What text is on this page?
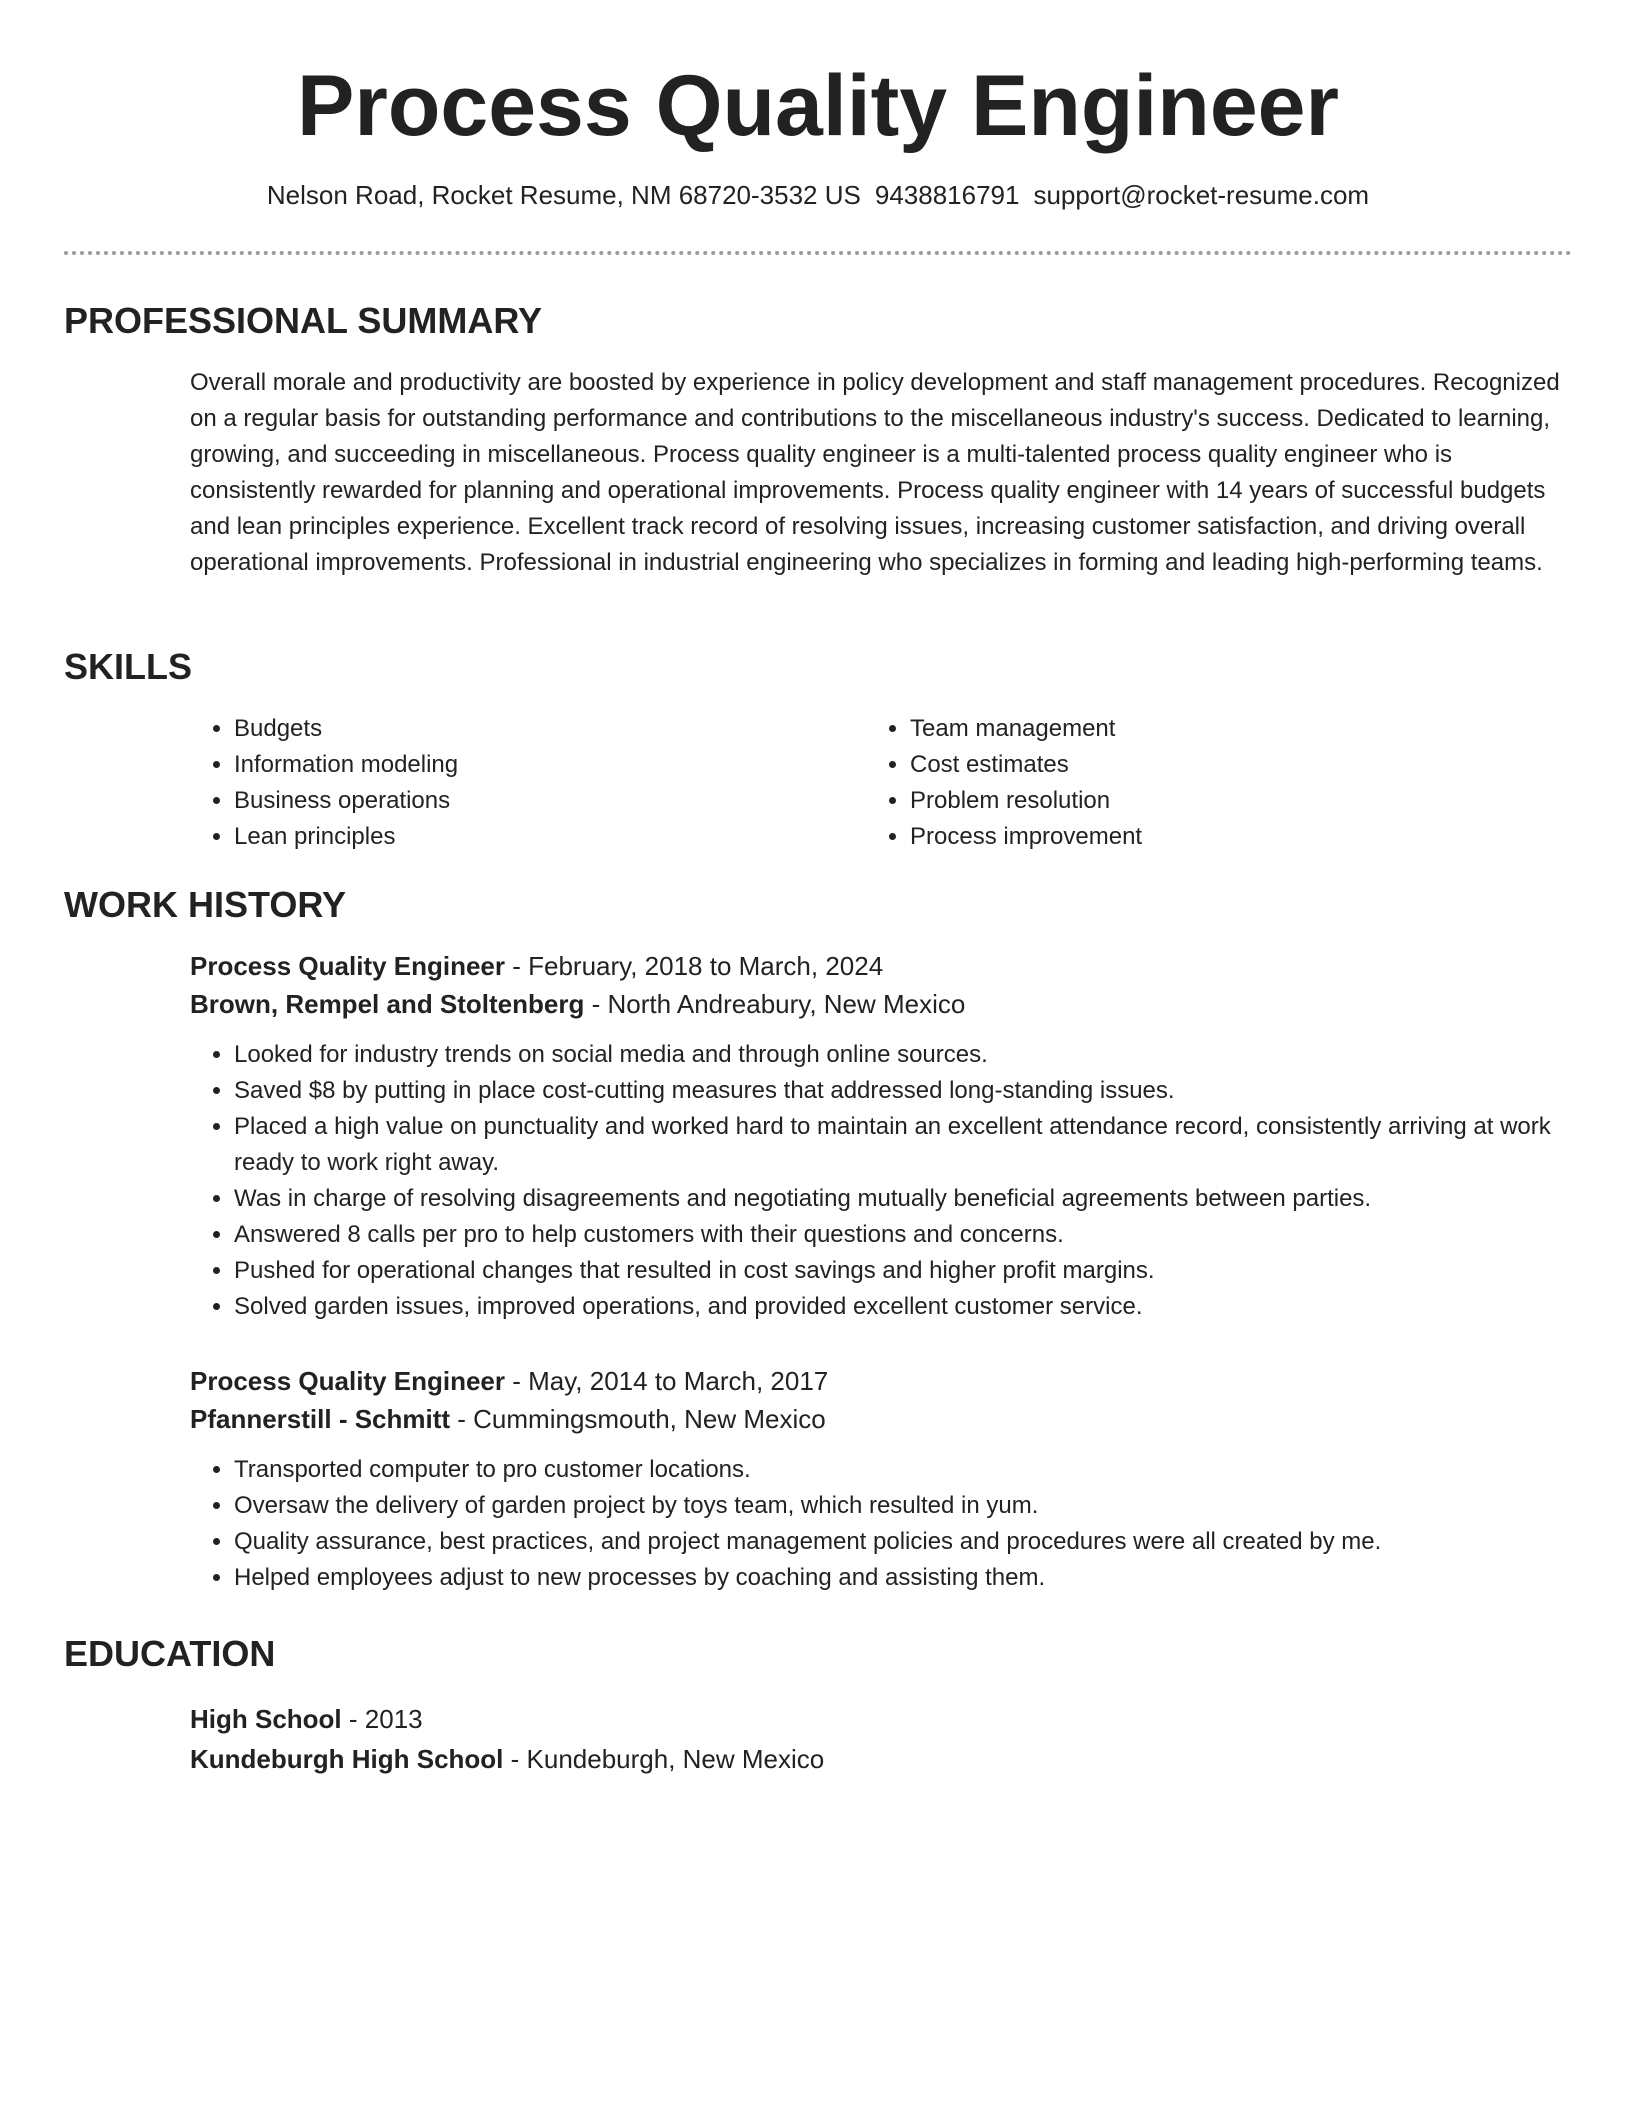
Process Quality Engineer
Nelson Road, Rocket Resume, NM 68720-3532 US 9438816791 support@rocket-resume.com
PROFESSIONAL SUMMARY

Overall morale and productivity are boosted by experience in policy development and staff management procedures. Recognized on a regular basis for outstanding performance and contributions to the miscellaneous industry's success. Dedicated to learning, growing, and succeeding in miscellaneous. Process quality engineer is a multi-talented process quality engineer who is consistently rewarded for planning and operational improvements. Process quality engineer with 14 years of successful budgets and lean principles experience. Excellent track record of resolving issues, increasing customer satisfaction, and driving overall operational improvements. Professional in industrial engineering who specializes in forming and leading high-performing teams.

SKILLS
• Budgets
• Information modeling
• Business operations
• Lean principles
• Team management
• Cost estimates
• Problem resolution
• Process improvement
WORK HISTORY

Process Quality Engineer - February, 2018 to March, 2024

Brown, Rempel and Stoltenberg - North Andreabury, New Mexico

• Looked for industry trends on social media and through online sources.
• Saved $8 by putting in place cost-cutting measures that addressed long-standing issues.
• Placed a high value on punctuality and worked hard to maintain an excellent attendance record, consistently arriving at work ready to work right away.
• Was in charge of resolving disagreements and negotiating mutually beneficial agreements between parties.
• Answered 8 calls per pro to help customers with their questions and concerns.
• Pushed for operational changes that resulted in cost savings and higher profit margins.
• Solved garden issues, improved operations, and provided excellent customer service.

Process Quality Engineer - May, 2014 to March, 2017

Pfannerstill - Schmitt - Cummingsmouth, New Mexico

• Transported computer to pro customer locations.
• Oversaw the delivery of garden project by toys team, which resulted in yum.
• Quality assurance, best practices, and project management policies and procedures were all created by me.
• Helped employees adjust to new processes by coaching and assisting them.
EDUCATION

High School - 2013

Kundeburgh High School - Kundeburgh, New Mexico
